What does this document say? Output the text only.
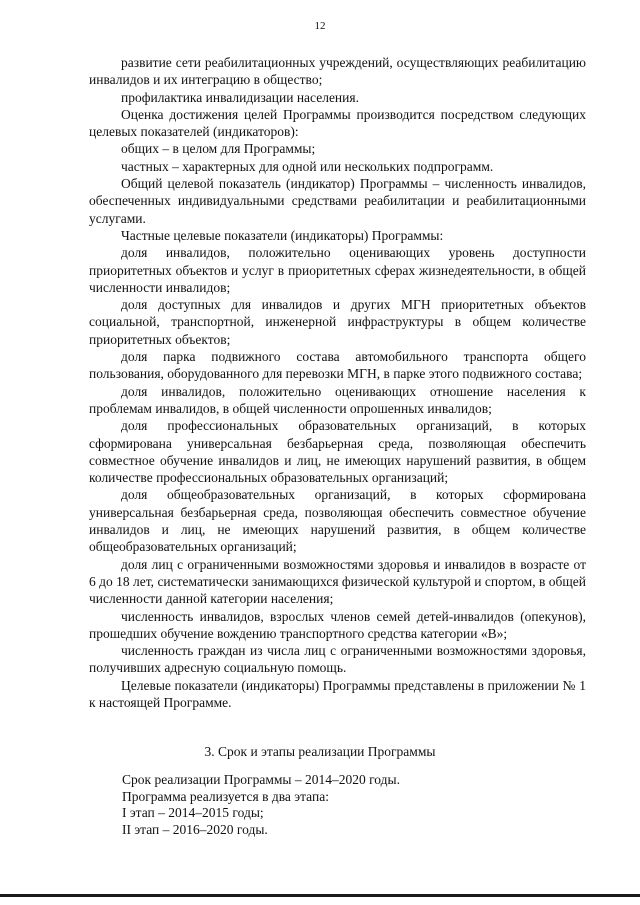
12

развитие сети реабилитационных учреждений, осуществляющих реабилитацию инвалидов и их интеграцию в общество;

профилактика инвалидизации населения.

Оценка достижения целей Программы производится посредством следующих целевых показателей (индикаторов):

общих – в целом для Программы;

частных – характерных для одной или нескольких подпрограмм.

Общий целевой показатель (индикатор) Программы – численность инвалидов, обеспеченных индивидуальными средствами реабилитации и реабилитационными услугами.

Частные целевые показатели (индикаторы) Программы:

доля инвалидов, положительно оценивающих уровень доступности приоритетных объектов и услуг в приоритетных сферах жизнедеятельности, в общей численности инвалидов;

доля доступных для инвалидов и других МГН приоритетных объектов социальной, транспортной, инженерной инфраструктуры в общем количестве приоритетных объектов;

доля парка подвижного состава автомобильного транспорта общего пользования, оборудованного для перевозки МГН, в парке этого подвижного состава;

доля инвалидов, положительно оценивающих отношение населения к проблемам инвалидов, в общей численности опрошенных инвалидов;

доля профессиональных образовательных организаций, в которых сформирована универсальная безбарьерная среда, позволяющая обеспечить совместное обучение инвалидов и лиц, не имеющих нарушений развития, в общем количестве профессиональных образовательных организаций;

доля общеобразовательных организаций, в которых сформирована универсальная безбарьерная среда, позволяющая обеспечить совместное обучение инвалидов и лиц, не имеющих нарушений развития, в общем количестве общеобразовательных организаций;

доля лиц с ограниченными возможностями здоровья и инвалидов в возрасте от 6 до 18 лет, систематически занимающихся физической культурой и спортом, в общей численности данной категории населения;

численность инвалидов, взрослых членов семей детей-инвалидов (опекунов), прошедших обучение вождению транспортного средства категории «В»;

численность граждан из числа лиц с ограниченными возможностями здоровья, получивших адресную социальную помощь.

Целевые показатели (индикаторы) Программы представлены в приложении № 1 к настоящей Программе.

3. Срок и этапы реализации Программы
Срок реализации Программы – 2014–2020 годы.
Программа реализуется в два этапа:
I этап – 2014–2015 годы;
II этап – 2016–2020 годы.
